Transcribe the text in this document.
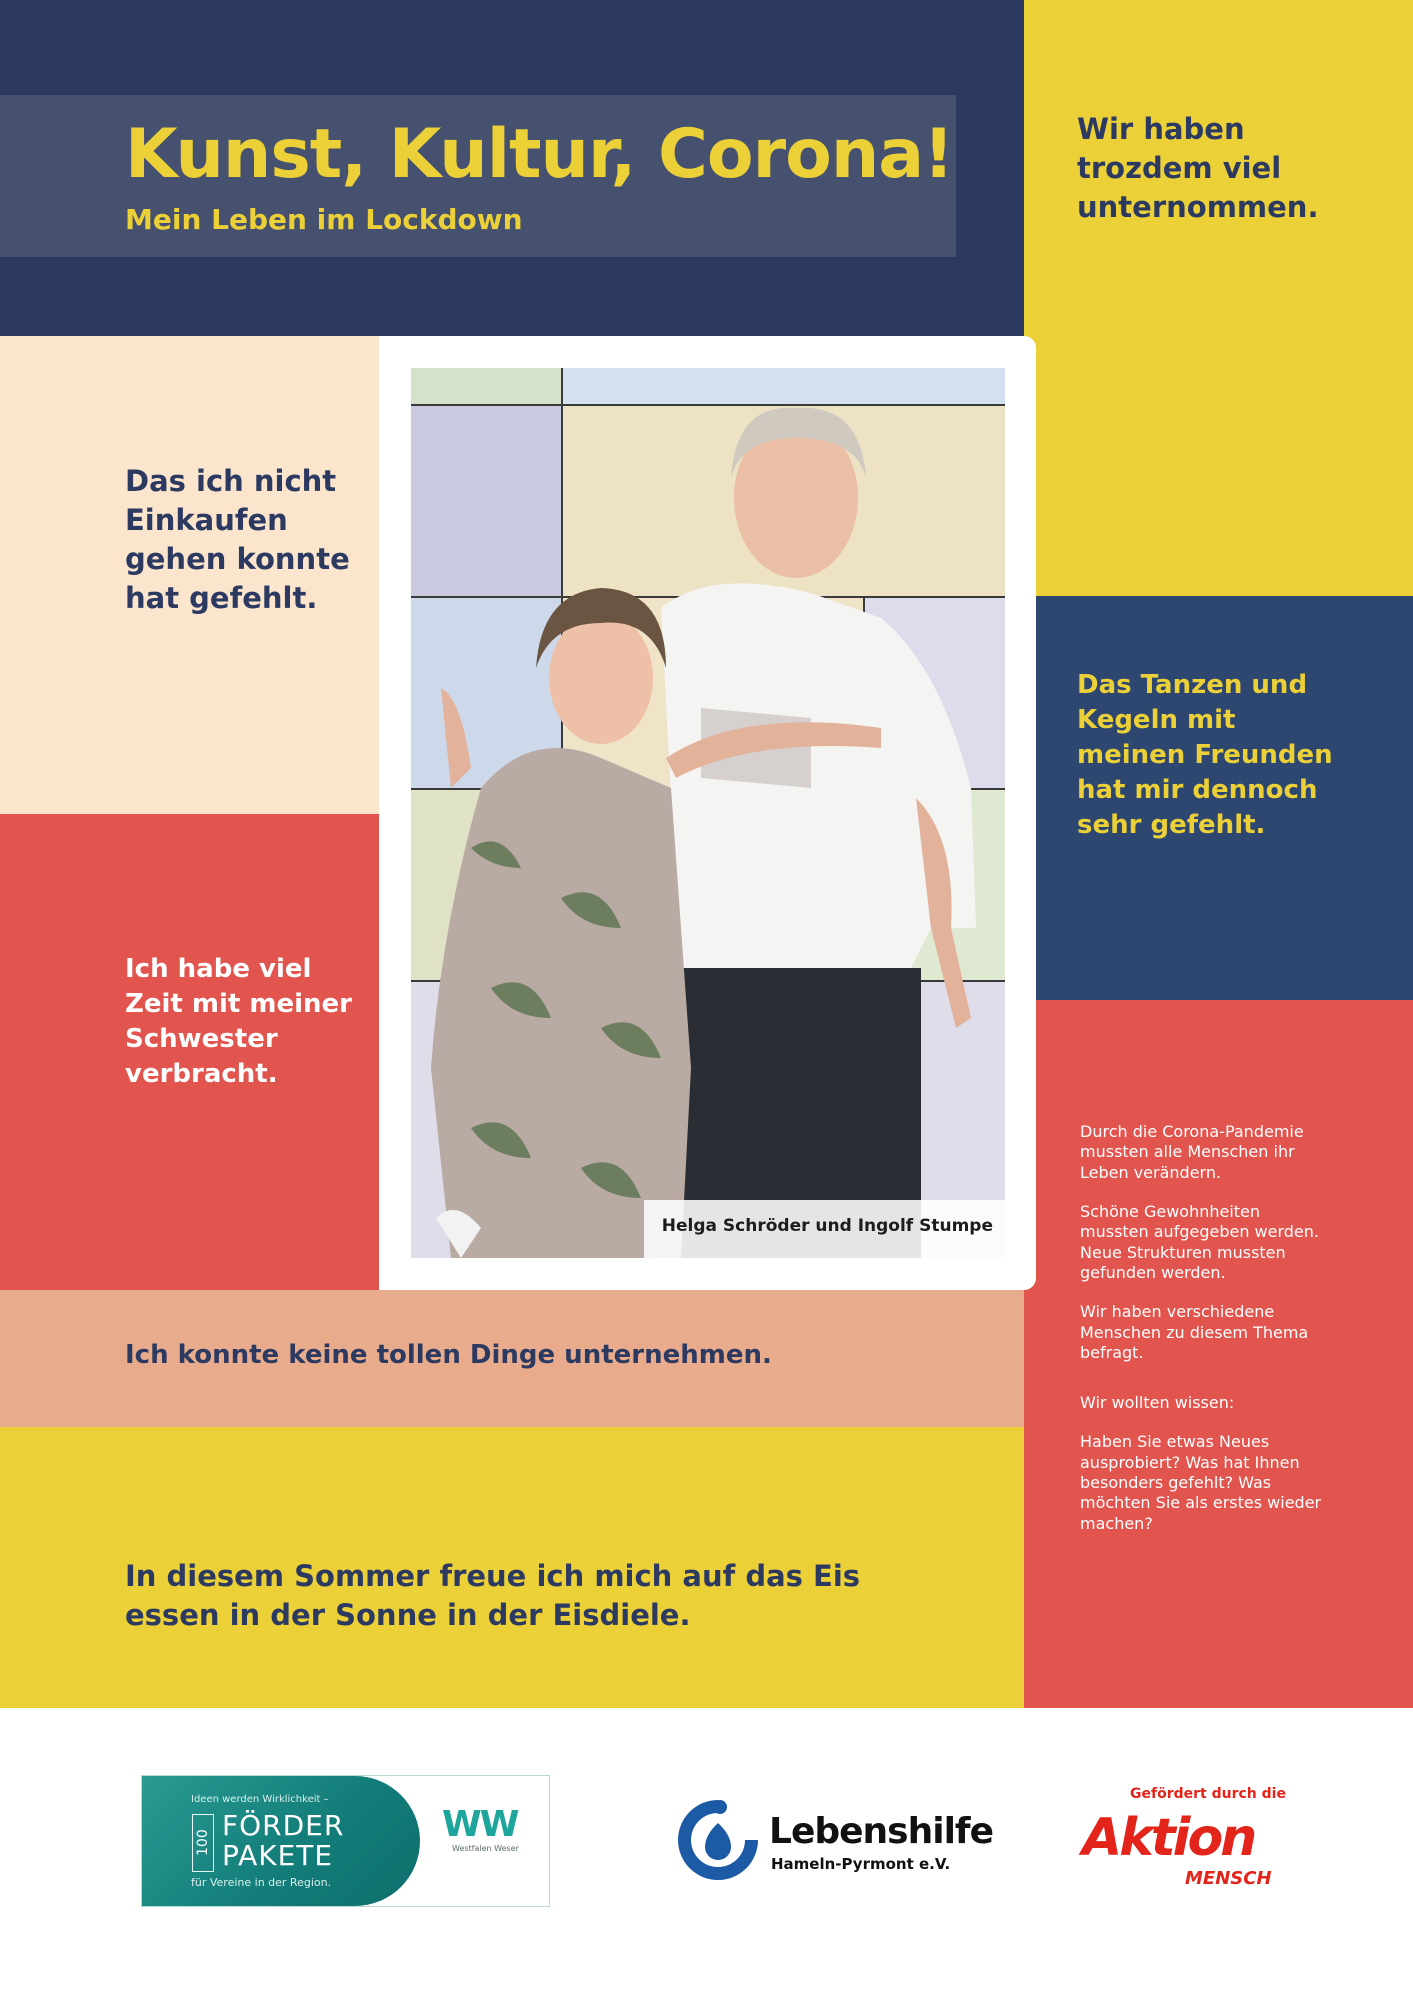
Kunst, Kultur, Corona!
Mein Leben im Lockdown
Wir haben trozdem viel unternommen.
Das ich nicht Einkaufen gehen konnte hat gefehlt.
Das Tanzen und Kegeln mit meinen Freunden hat mir dennoch sehr gefehlt.
Ich habe viel Zeit mit meiner Schwester verbracht.
Ich konnte keine tollen Dinge unternehmen.
In diesem Sommer freue ich mich auf das Eis essen in der Sonne in der Eisdiele.

Durch die Corona-Pandemie mussten alle Menschen ihr Leben verändern.

Schöne Gewohnheiten mussten aufgegeben werden. Neue Strukturen mussten gefunden werden.

Wir haben verschiedene Menschen zu diesem Thema befragt.

Wir wollten wissen:

Haben Sie etwas Neues ausprobiert? Was hat Ihnen besonders gefehlt? Was möchten Sie als erstes wieder machen?

Helga Schröder und Ingolf Stumpe
Ideen werden Wirklichkeit –
100
FÖRDER
PAKETE
für Vereine in der Region.
WW
Westfalen Weser	Lebenshilfe
Hameln-Pyrmont e.V.
Gefördert durch die
Aktion
MENSCH
